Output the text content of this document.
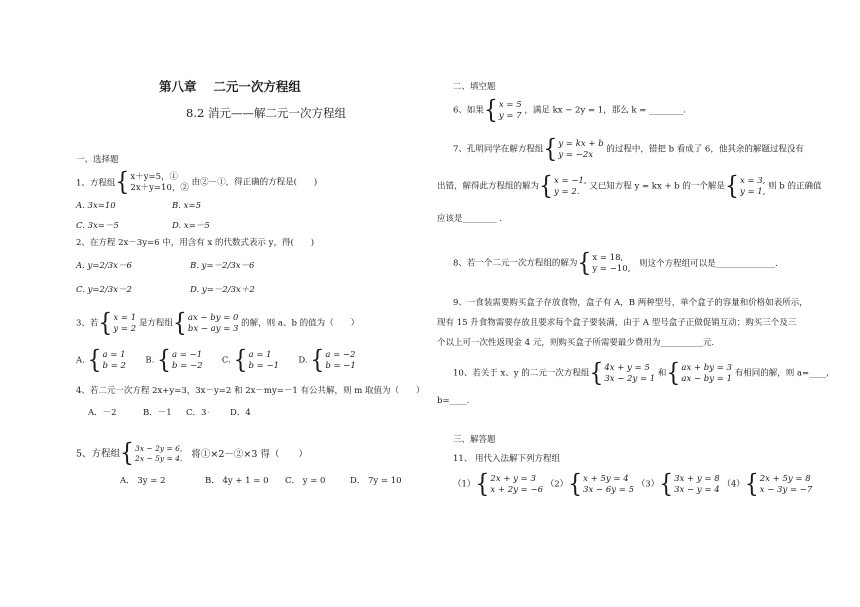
第八章　 二元一次方程组
8.2 消元——解二元一次方程组
一、选择题
1、方程组{ x＋y=5，①
2x＋y=10，②
由②－①，得正确的方程是(　　)
A. 3x=10	B. x=5
C. 3x=－5	D. x=－5
2、在方程 2x－3y=6 中，用含有 x 的代数式表示 y，得(　　)
A. y=2/3x－6	B. y=－2/3x－6
C. y=2/3x－2	D. y=－2/3x＋2
3、若{ x = 1
y = 2
是方程组{ ax − by = 0
bx − ay = 3
的解，则 a、b 的值为（　　）
A. { a = 1
b = 2
B. { a = −1
b = −2
C. { a = 1
b = −1
D. { a = −2
b = −1
4、若二元一次方程 2x+y=3，3x－y=2 和 2x－my=－1 有公共解，则 m 取值为（　　）
A．－2	B．－1 C．3 . D．4
5、方程组{ 3x − 2y = 6,
2x − 5y = 4. 将①×2－②×3 得（　　）
A． 3y = 2	B． 4y + 1 = 0 C． y = 0	D． 7y = 10
二、填空题
6、如果{ x = 5
y = 7
，满足 kx − 2y = 1，那么 k = ________.
7、孔明同学在解方程组{ y = kx + b
y = −2x
的过程中，错把 b 看成了 6，他其余的解题过程没有
出错，解得此方程组的解为{ x = −1,
y = 2.
又已知方程 y = kx + b 的一个解是{ x = 3,
y = 1,
则 b 的正确值
应该是________ .
8、若一个二元一次方程组的解为{ x = 18,
y = −10,
则这个方程组可以是______________.
9、一食装需要购买盒子存放食物，盒子有 A，B 两种型号，单个盒子的容量和价格如表所示，
现有 15 升食物需要存放且要求每个盒子要装满，由于 A 型号盒子正做促销互动：购买三个及三
个以上可一次性返现金 4 元，则购买盒子所需要最少费用为__________元.
10、若关于 x、y 的二元一次方程组{ 4x + y = 5
3x − 2y = 1
和{ ax + by = 3
ax − by = 1
有相同的解，则 a=____,
b=____.
三、解答题
11、 用代入法解下列方程组
（1）{ 2x + y = 3
x + 2y = −6
（2）{ x + 5y = 4
3x − 6y = 5
（3）{ 3x + y = 8
3x − y = 4
（4）{ 2x + 5y = 8
x − 3y = −7
